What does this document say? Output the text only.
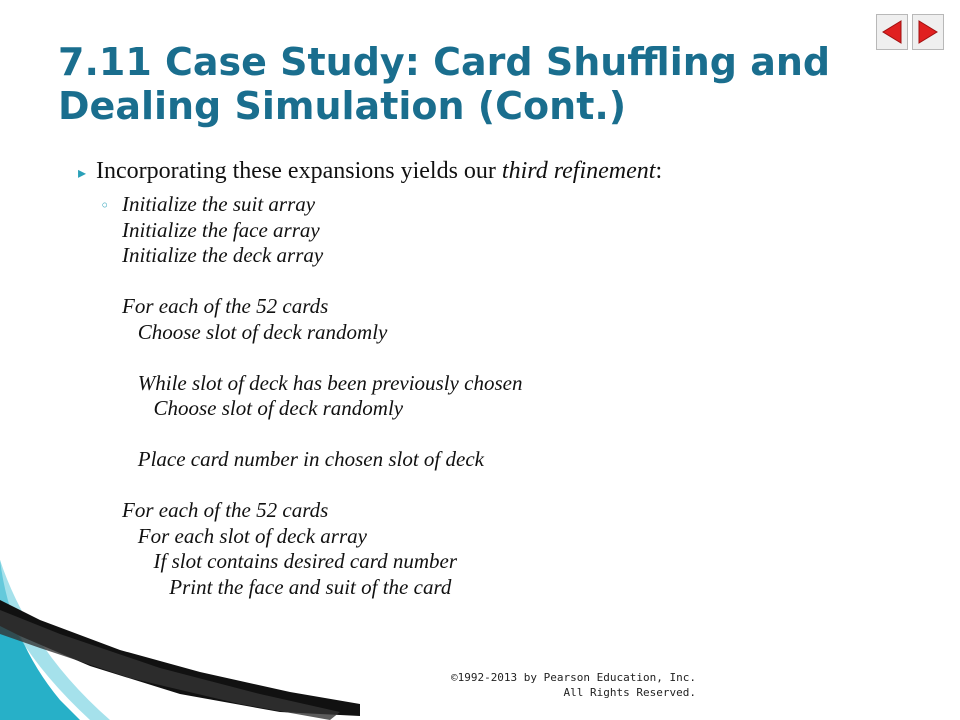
7.11 Case Study: Card Shuffling and
Dealing Simulation (Cont.)
▸ Incorporating these expansions yields our third refinement:
◦ Initialize the suit array
Initialize the face array
Initialize the deck array
For each of the 52 cards
Choose slot of deck randomly
While slot of deck has been previously chosen
Choose slot of deck randomly
Place card number in chosen slot of deck
For each of the 52 cards
For each slot of deck array
If slot contains desired card number
Print the face and suit of the card
©1992-2013 by Pearson Education, Inc.
All Rights Reserved.
